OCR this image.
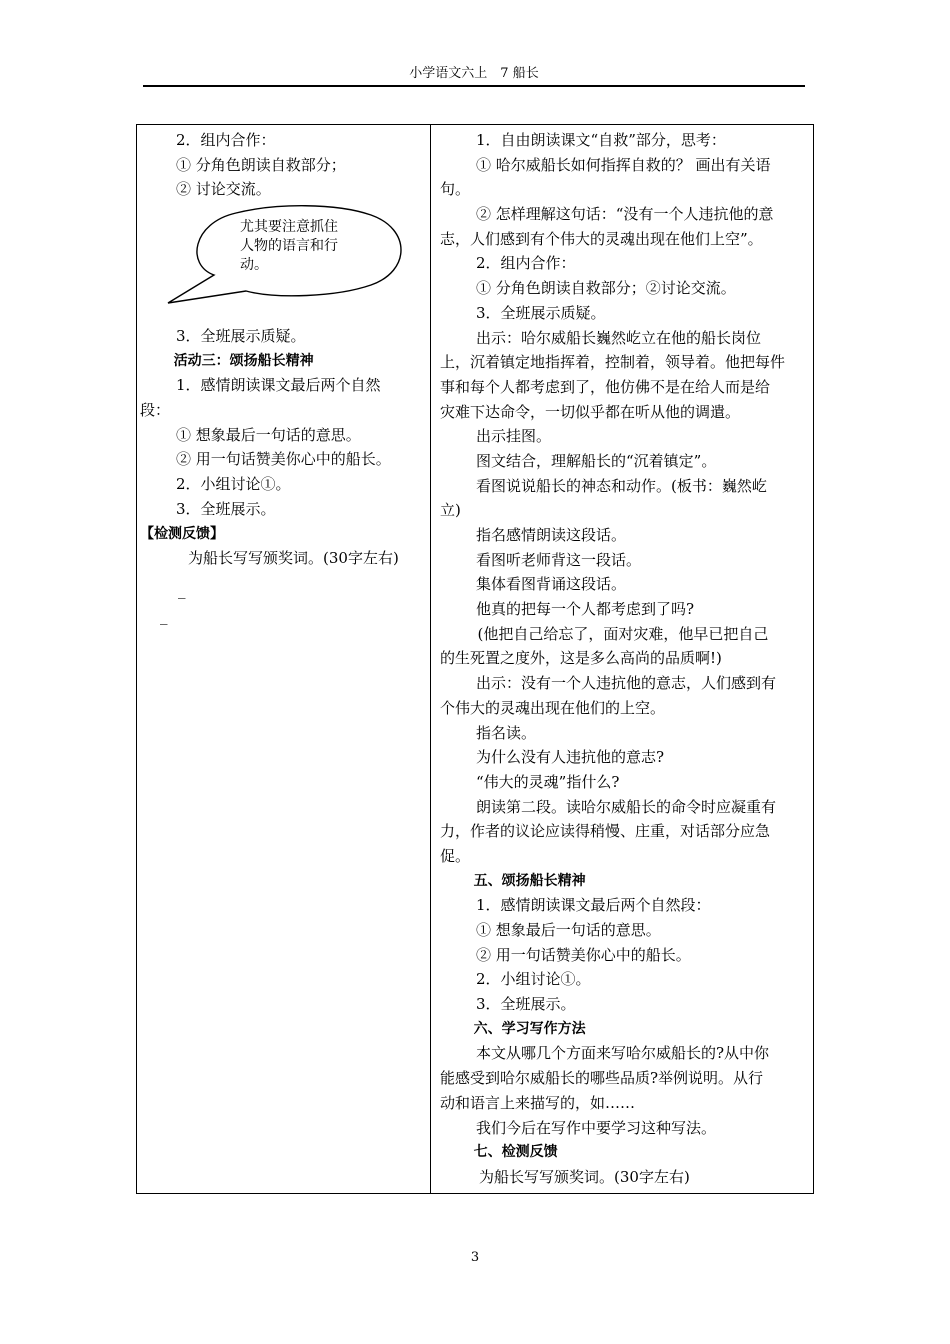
小学语文六上　7 船长
2．组内合作：
① 分角色朗读自救部分；
② 讨论交流。
尤其要注意抓住
人物的语言和行
动。
3．全班展示质疑。
活动三：颂扬船长精神
1．感情朗读课文最后两个自然
段：
① 想象最后一句话的意思。
② 用一句话赞美你心中的船长。
2．小组讨论①。
3．全班展示。
【检测反馈】
为船长写写颁奖词。(30字左右)
_
_
1．自由朗读课文“自救”部分，思考：
① 哈尔威船长如何指挥自救的？ 画出有关语
句。
② 怎样理解这句话：“没有一个人违抗他的意
志，人们感到有个伟大的灵魂出现在他们上空”。
2．组内合作：
① 分角色朗读自救部分；②讨论交流。
3．全班展示质疑。
出示：哈尔威船长巍然屹立在他的船长岗位
上，沉着镇定地指挥着，控制着，领导着。他把每件
事和每个人都考虑到了，他仿佛不是在给人而是给
灾难下达命令，一切似乎都在听从他的调遣。
出示挂图。
图文结合，理解船长的“沉着镇定”。
看图说说船长的神态和动作。(板书：巍然屹
立)
指名感情朗读这段话。
看图听老师背这一段话。
集体看图背诵这段话。
他真的把每一个人都考虑到了吗?
(他把自己给忘了，面对灾难，他早已把自己
的生死置之度外，这是多么高尚的品质啊!)
出示：没有一个人违抗他的意志，人们感到有
个伟大的灵魂出现在他们的上空。
指名读。
为什么没有人违抗他的意志?
“伟大的灵魂”指什么?
朗读第二段。读哈尔威船长的命令时应凝重有
力，作者的议论应读得稍慢、庄重，对话部分应急
促。
五、颂扬船长精神
1．感情朗读课文最后两个自然段：
① 想象最后一句话的意思。
② 用一句话赞美你心中的船长。
2．小组讨论①。
3．全班展示。
六、学习写作方法
本文从哪几个方面来写哈尔威船长的?从中你
能感受到哈尔威船长的哪些品质?举例说明。从行
动和语言上来描写的，如……
我们今后在写作中要学习这种写法。
七、检测反馈
为船长写写颁奖词。(30字左右)
3
